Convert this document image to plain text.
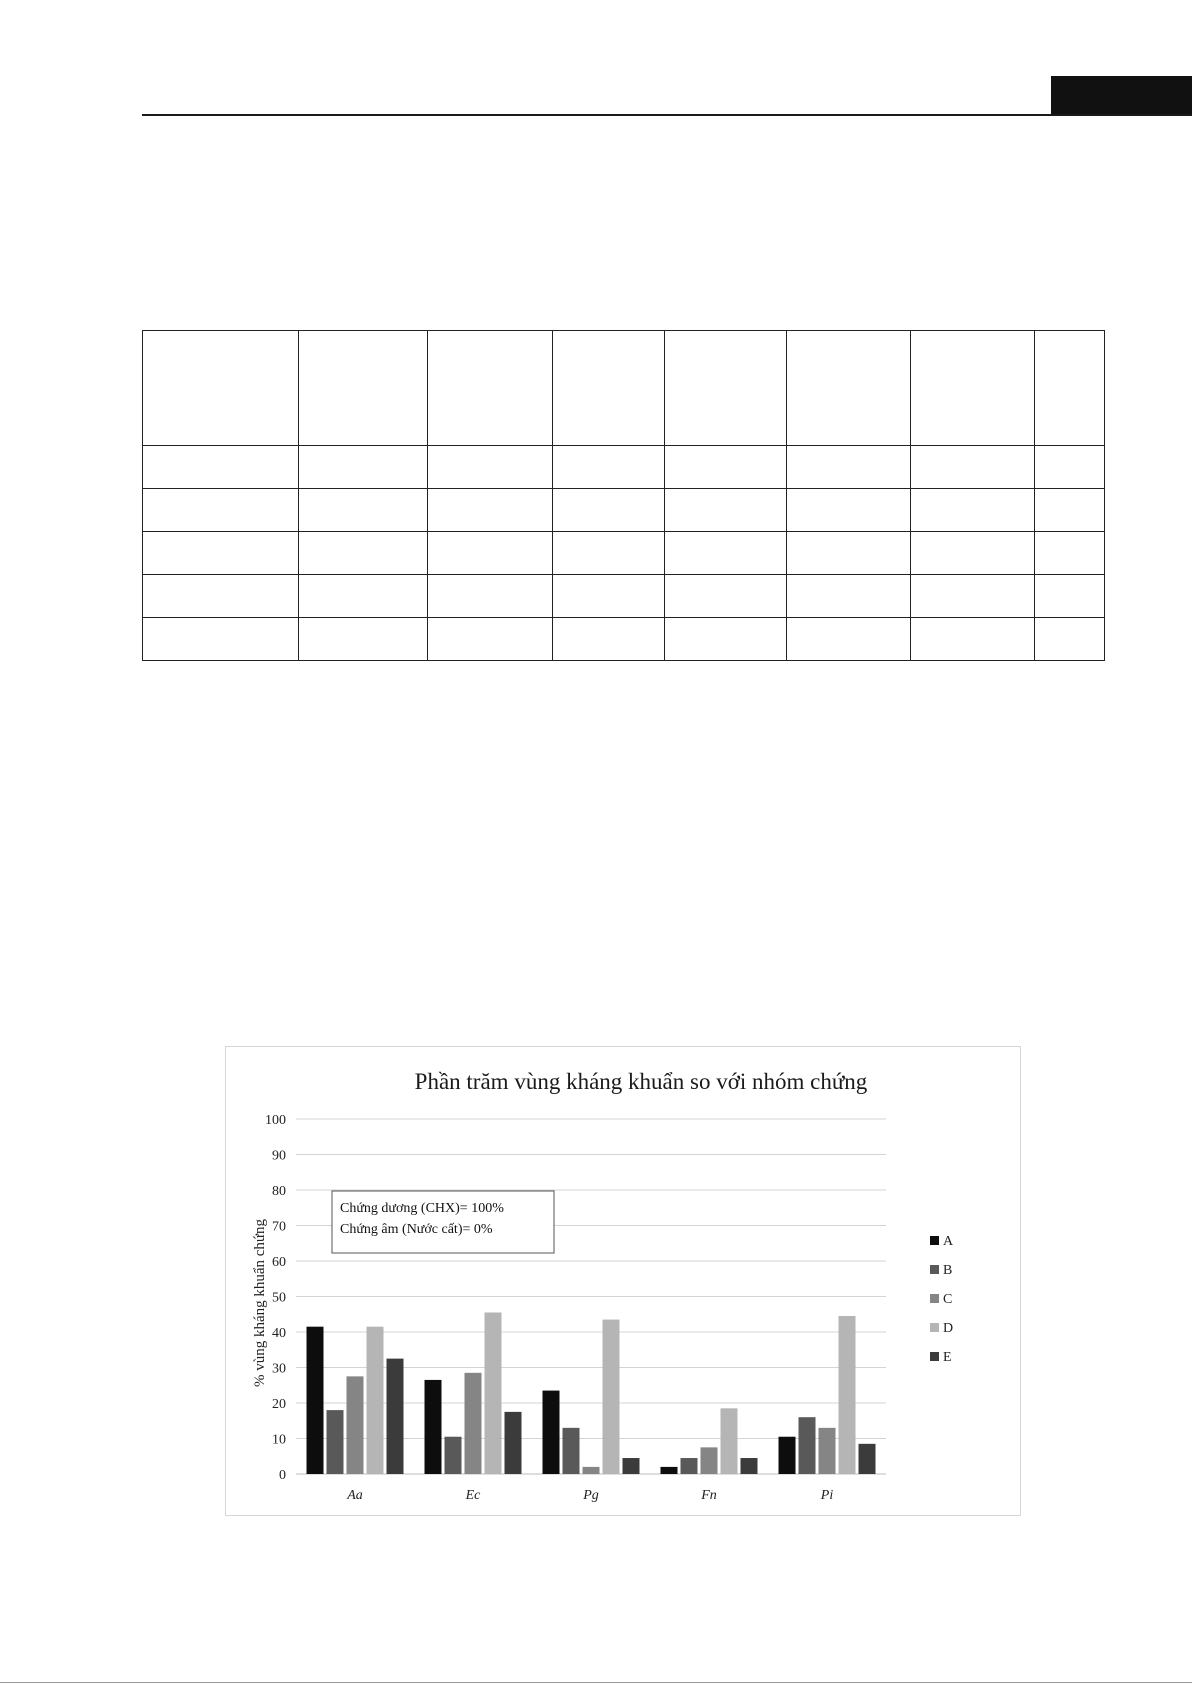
Phần trăm vùng kháng khuẩn so với nhóm chứng
% vùng kháng khuẩn chứng
0
10
20
30
40
50
60
70
80
90
100
Aa	Ec	Pg	Fn	Pi
Chứng dương (CHX)= 100%
Chứng âm (Nước cất)= 0%
A
B
C
D
E
